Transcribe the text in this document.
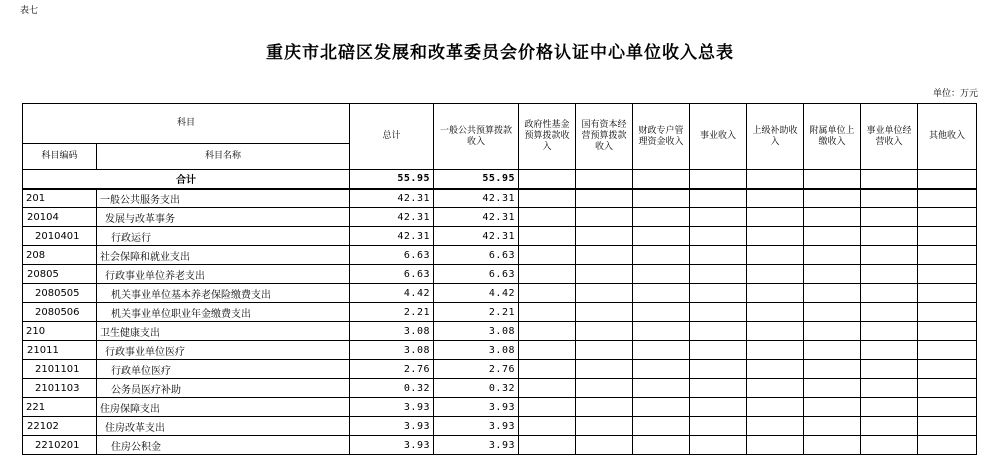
表七
重庆市北碚区发展和改革委员会价格认证中心单位收入总表
单位：万元
科目		总计	一般公共预算拨款收入	政府性基金预算拨款收入	国有资本经营预算拨款收入	财政专户管理资金收入	事业收入	上级补助收入	附属单位上缴收入	事业单位经营收入	其他收入
科目编码	科目名称										
合计		55.95	55.95								
201	一般公共服务支出	42.31	42.31								
20104	发展与改革事务	42.31	42.31								
2010401	行政运行	42.31	42.31								
208	社会保障和就业支出	6.63	6.63								
20805	行政事业单位养老支出	6.63	6.63								
2080505	机关事业单位基本养老保险缴费支出	4.42	4.42								
2080506	机关事业单位职业年金缴费支出	2.21	2.21								
210	卫生健康支出	3.08	3.08								
21011	行政事业单位医疗	3.08	3.08								
2101101	行政单位医疗	2.76	2.76								
2101103	公务员医疗补助	0.32	0.32								
221	住房保障支出	3.93	3.93								
22102	住房改革支出	3.93	3.93								
2210201	住房公积金	3.93	3.93								
